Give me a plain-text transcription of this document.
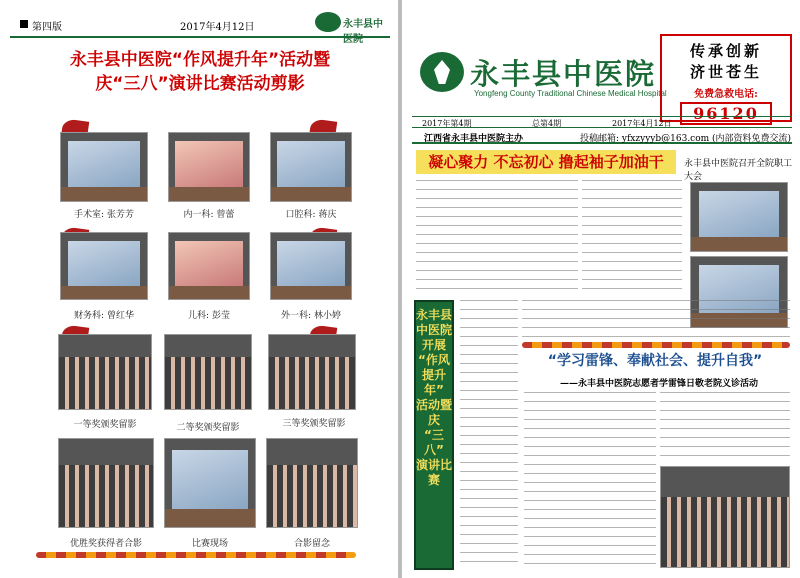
第四版	2017年4月12日	永丰县中医院
永丰县中医院“作风提升年”活动暨
庆“三八”演讲比赛活动剪影
手术室: 张芳芳	内一科: 曾蕾	口腔科: 蒋庆
财务科: 曾红华	儿科: 彭莹	外一科: 林小婷
一等奖颁奖留影	二等奖颁奖留影	三等奖颁奖留影
优胜奖获得者合影	比赛现场	合影留念
永丰县中医院
Yongfeng County Traditional Chinese Medical Hospital
传承创新
济世苍生
免费急救电话:
96120
2017年第4期	总第4期	2017年4月12日
江西省永丰县中医院主办	投稿邮箱: yfxzyyyb@163.com (内部资料免费交流)
凝心聚力 不忘初心 撸起袖子加油干	永丰县中医院召开全院职工大会
永丰县中医院
开展
“作风提升年”
活动暨庆
“三八”
演讲比赛
“学习雷锋、奉献社会、提升自我”
——永丰县中医院志愿者学雷锋日敬老院义诊活动
